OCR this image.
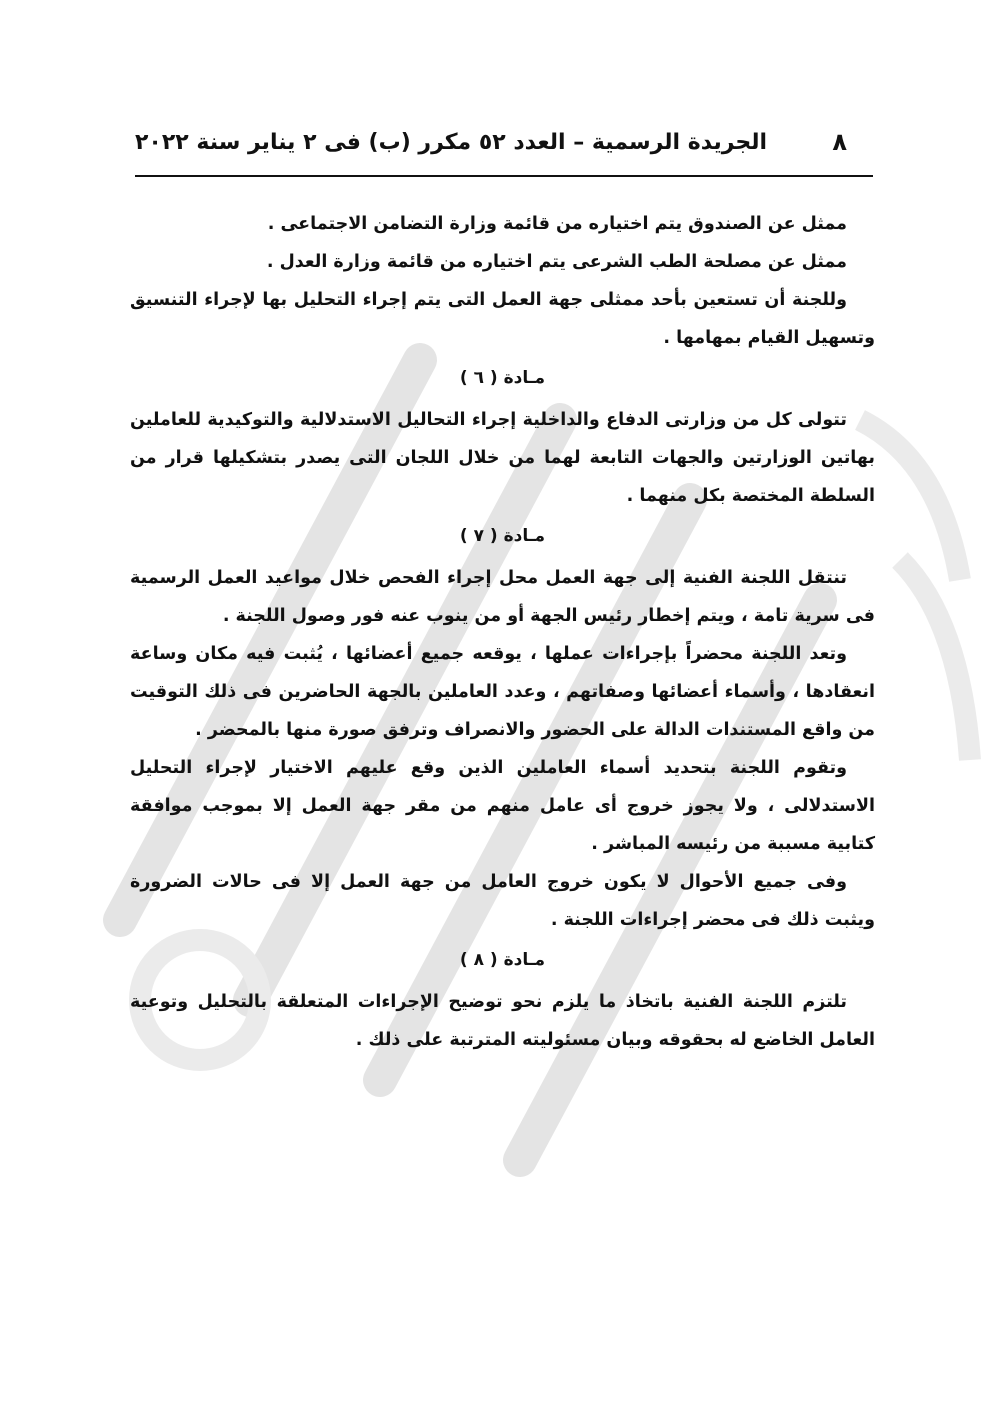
٨
الجريدة الرسمية – العدد ٥٢ مكرر (ب) فى ٢ يناير سنة ٢٠٢٢

ممثل عن الصندوق يتم اختياره من قائمة وزارة التضامن الاجتماعى .

ممثل عن مصلحة الطب الشرعى يتم اختياره من قائمة وزارة العدل .

وللجنة أن تستعين بأحد ممثلى جهة العمل التى يتم إجراء التحليل بها لإجراء التنسيق وتسهيل القيام بمهامها .

مـادة ( ٦ )

تتولى كل من وزارتى الدفاع والداخلية إجراء التحاليل الاستدلالية والتوكيدية للعاملين بهاتين الوزارتين والجهات التابعة لهما من خلال اللجان التى يصدر بتشكيلها قرار من السلطة المختصة بكل منهما .

مـادة ( ٧ )

تنتقل اللجنة الفنية إلى جهة العمل محل إجراء الفحص خلال مواعيد العمل الرسمية فى سرية تامة ، ويتم إخطار رئيس الجهة أو من ينوب عنه فور وصول اللجنة .

وتعد اللجنة محضراً بإجراءات عملها ، يوقعه جميع أعضائها ، يُثبت فيه مكان وساعة انعقادها ، وأسماء أعضائها وصفاتهم ، وعدد العاملين بالجهة الحاضرين فى ذلك التوقيت من واقع المستندات الدالة على الحضور والانصراف وترفق صورة منها بالمحضر .

وتقوم اللجنة بتحديد أسماء العاملين الذين وقع عليهم الاختيار لإجراء التحليل الاستدلالى ، ولا يجوز خروج أى عامل منهم من مقر جهة العمل إلا بموجب موافقة كتابية مسببة من رئيسه المباشر .

وفى جميع الأحوال لا يكون خروج العامل من جهة العمل إلا فى حالات الضرورة ويثبت ذلك فى محضر إجراءات اللجنة .

مـادة ( ٨ )

تلتزم اللجنة الفنية باتخاذ ما يلزم نحو توضيح الإجراءات المتعلقة بالتحليل وتوعية العامل الخاضع له بحقوقه وبيان مسئوليته المترتبة على ذلك .
